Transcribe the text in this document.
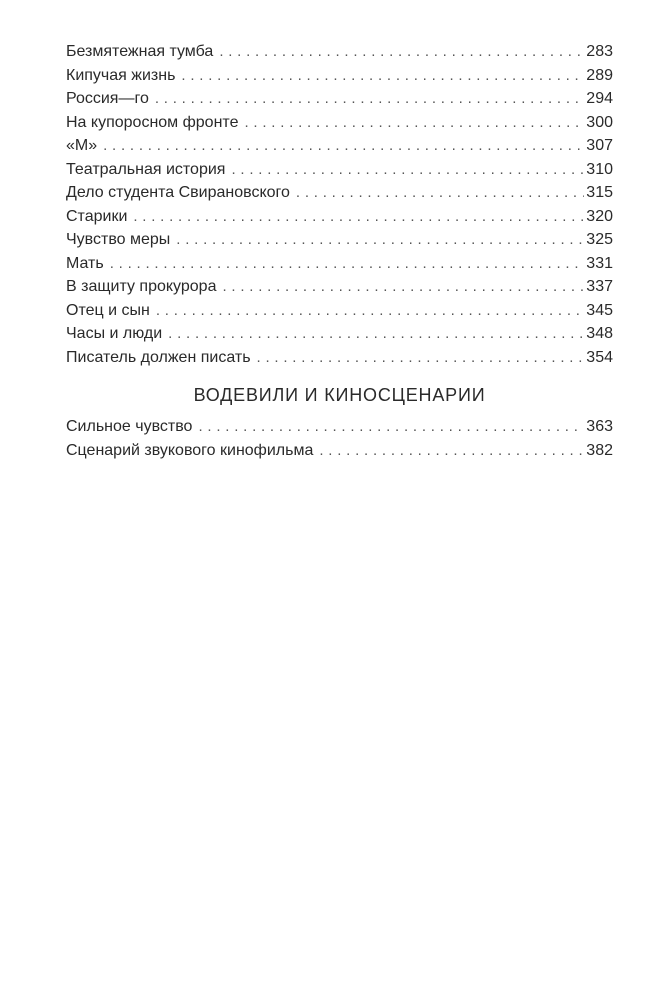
Безмятежная тумба . . .	283
Кипучая жизнь . . .	289
Россия—го . . .	294
На купоросном фронте . . .	300
«М» . . .	307
Театральная история . . .	310
Дело студента Свирановского . . .	315
Старики . . .	320
Чувство меры . . .	325
Мать . . .	331
В защиту прокурора . . .	337
Отец и сын . . .	345
Часы и люди . . .	348
Писатель должен писать . . .	354
ВОДЕВИЛИ И КИНОСЦЕНАРИИ
Сильное чувство . . .	363
Сценарий звукового кинофильма . . .	382
